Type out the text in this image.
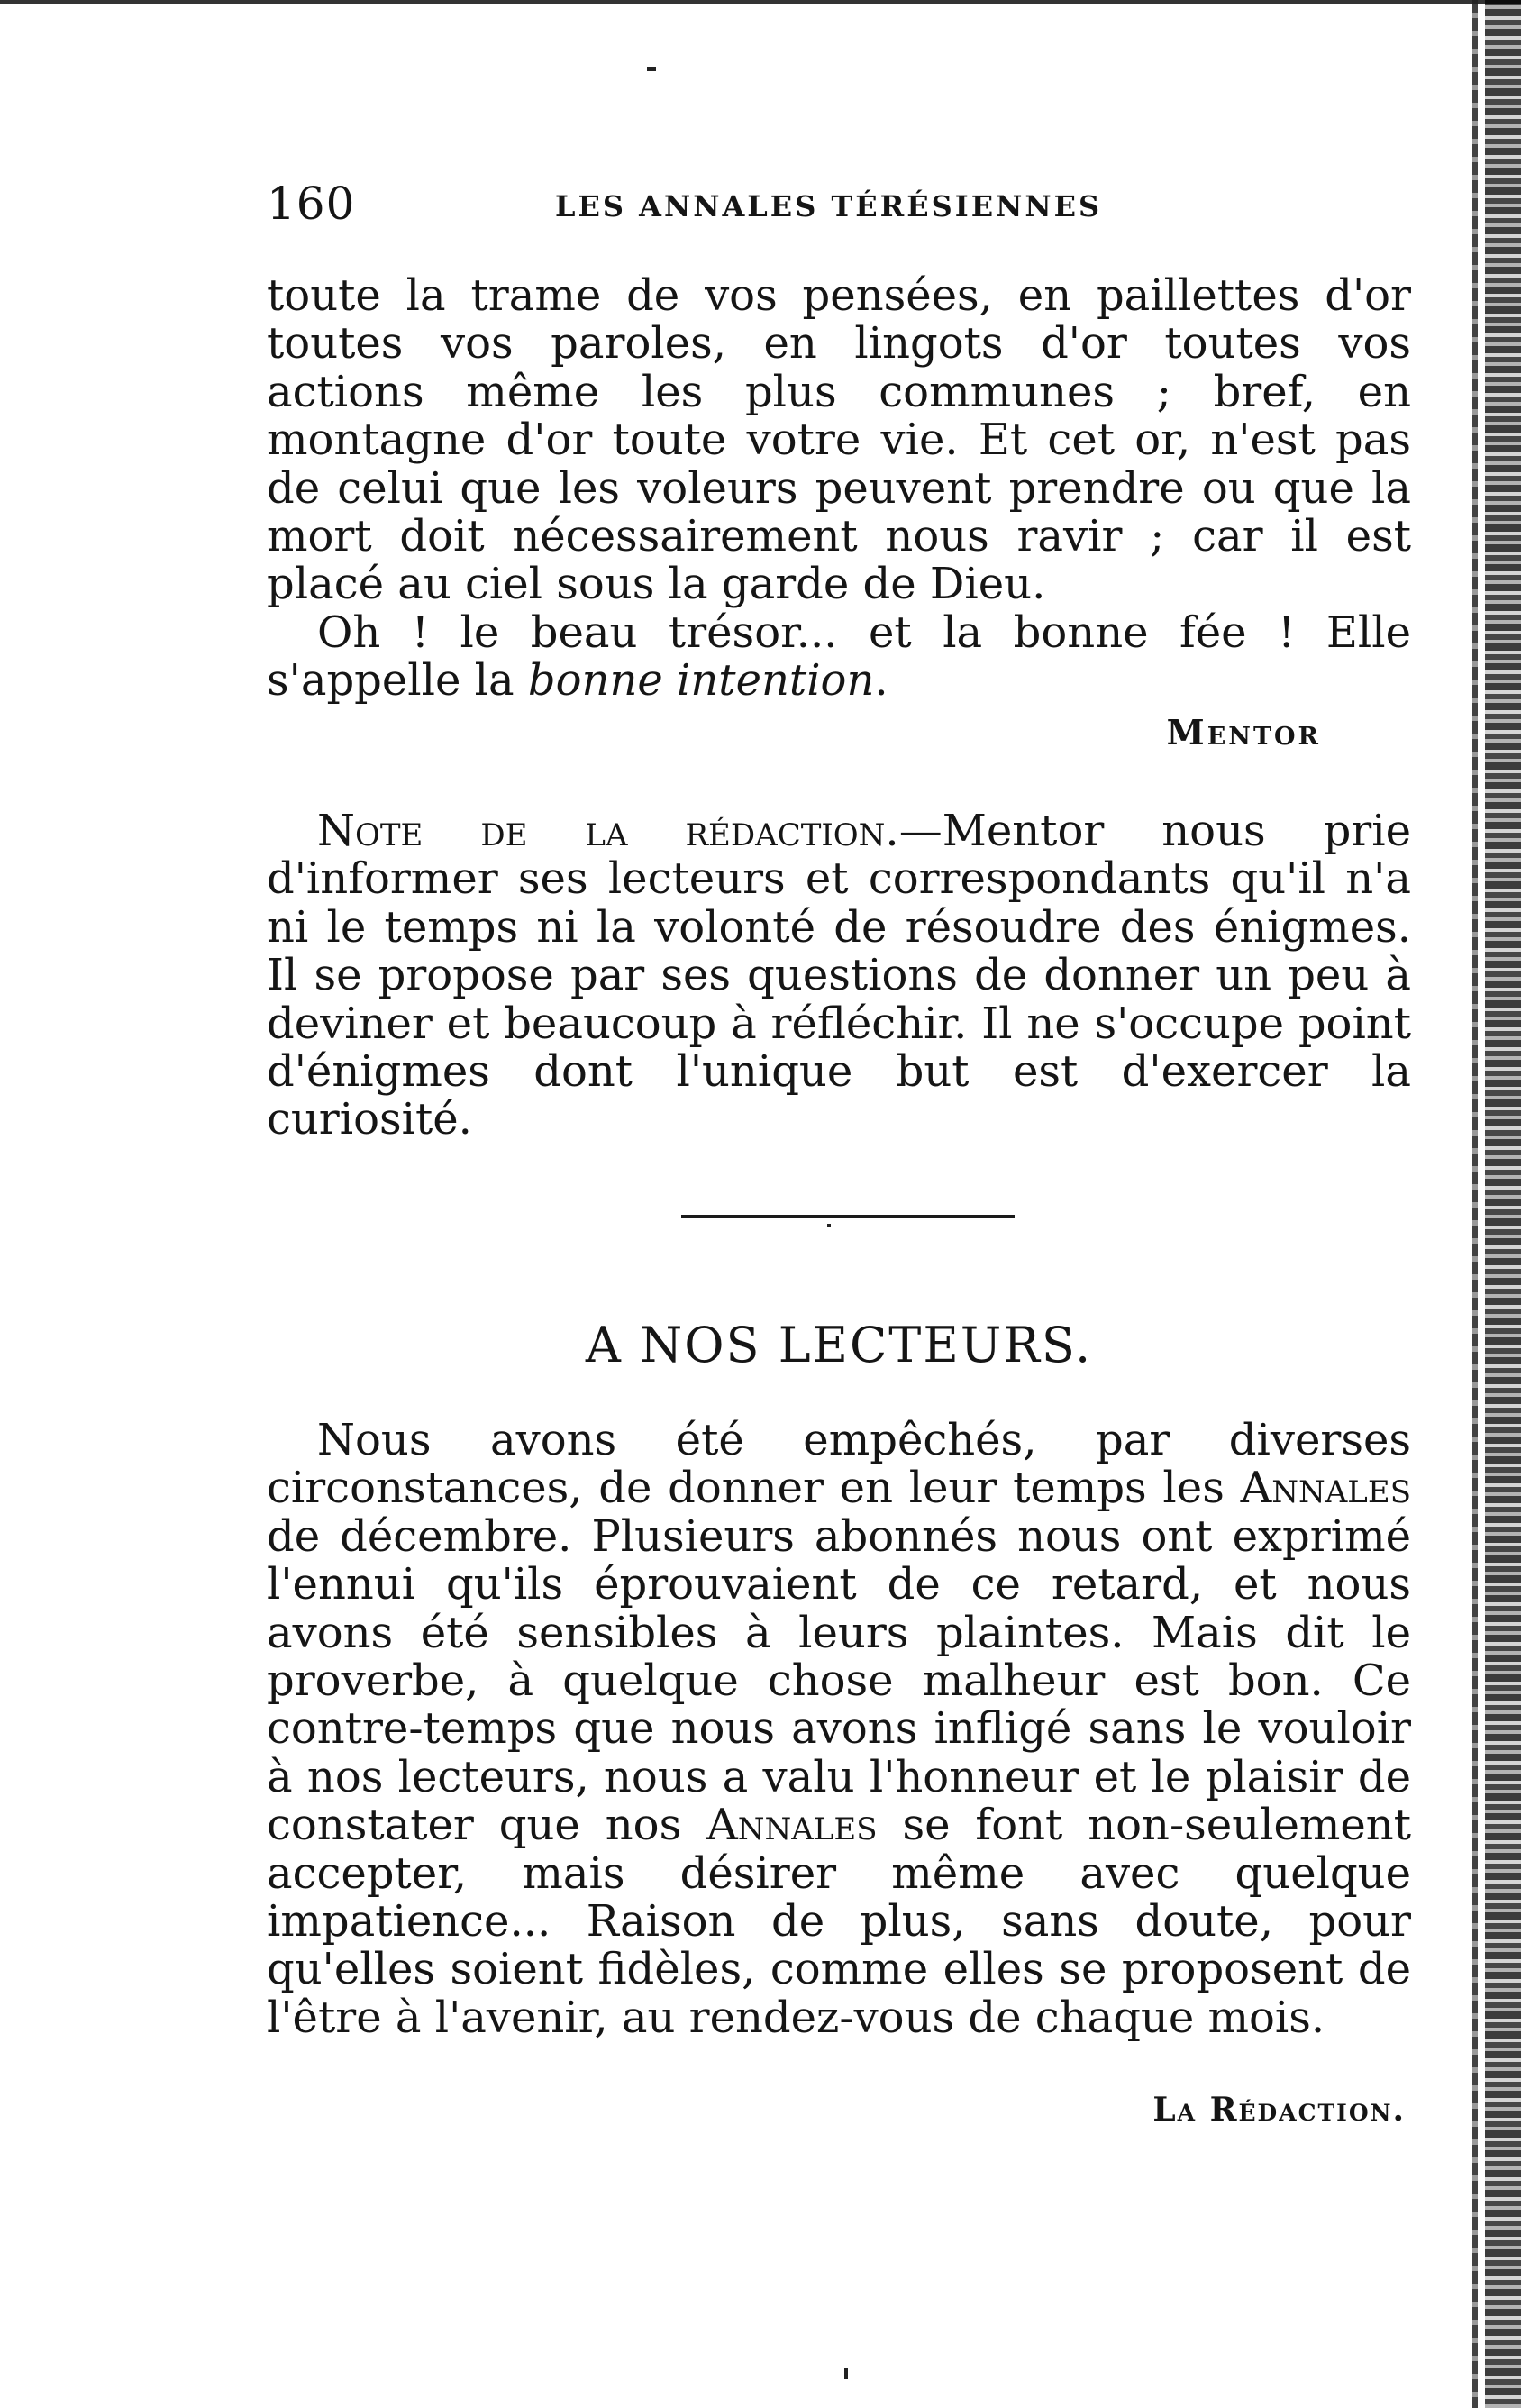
160	LES ANNALES TÉRÉSIENNES

toute la trame de vos pensées, en paillettes d'or toutes vos paroles, en lingots d'or toutes vos actions même les plus communes ; bref, en montagne d'or toute votre vie. Et cet or, n'est pas de celui que les voleurs peuvent prendre ou que la mort doit nécessairement nous ravir ; car il est placé au ciel sous la garde de Dieu.

Oh ! le beau trésor... et la bonne fée ! Elle s'appelle la bonne intention.

Mentor

Note de la rédaction.—Mentor nous prie d'informer ses lecteurs et correspondants qu'il n'a ni le temps ni la volonté de résoudre des énigmes. Il se propose par ses questions de donner un peu à deviner et beaucoup à réfléchir. Il ne s'occupe point d'énigmes dont l'unique but est d'exercer la curiosité.

A NOS LECTEURS.

Nous avons été empêchés, par diverses circonstances, de donner en leur temps les Annales de décembre. Plusieurs abonnés nous ont exprimé l'ennui qu'ils éprouvaient de ce retard, et nous avons été sensibles à leurs plaintes. Mais dit le proverbe, à quelque chose malheur est bon. Ce contre-temps que nous avons infligé sans le vouloir à nos lecteurs, nous a valu l'honneur et le plaisir de constater que nos Annales se font non-seulement accepter, mais désirer même avec quelque impatience... Raison de plus, sans doute, pour qu'elles soient fidèles, comme elles se proposent de l'être à l'avenir, au rendez-vous de chaque mois.

La Rédaction.
